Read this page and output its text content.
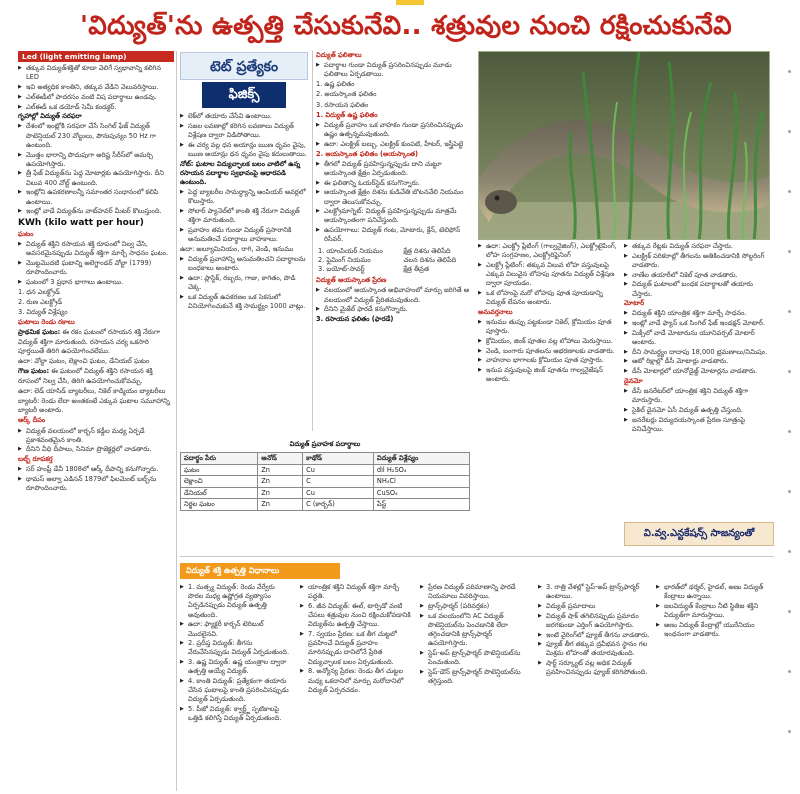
'విద్యుత్'ను ఉత్పత్తి చేసుకునేవి.. శత్రువుల నుంచి రక్షించుకునేవి
Led (light emitting lamp)
▶ తక్కువ విద్యుత్‌శక్తితో కూడా వెలిగే స్వభావాన్ని కలిగిన LED
▶ ఇవి అత్యధిక కాంతిని, తక్కువ వేడిని వెలువరిస్తాయి.
▶ ఎల్‌ఈడీలో పాదరసం వంటి విష పదార్థాలు ఉండవు.
▶ ఎల్‌ఈడీ ఒక డయోడ్ సెమీ కండక్టర్.

గృహాల్లో విద్యుత్ సరఫరా

▶ దేశంలో ఇంట్లోకి సరఫరా చేసే సింగిల్ ఫేజ్ విద్యుత్ పొటెన్షియల్ 230 వోల్టులు, పౌనఃపున్యం 50 Hz గా ఉంటుంది.
▶ మొత్తం భారాన్ని పొదుపుగా అరిష్ట సీరీస్‌లో అమర్చి ఉపయోగిస్తారు.
▶ త్రీ ఫేజ్ విద్యుత్‌ను పెద్ద మోటార్లకు ఉపయోగిస్తారు. దీని విలువ 400 వోల్ట్ ఉంటుంది.
▶ ఇంట్లోని ఉపకరణాలన్నీ సమాంతర సంధానంలో కలిపి ఉంటాయి.
▶ ఇంట్లో వాడే విద్యుత్‌ను వాట్‌హవర్ మీటర్ కొలుస్తుంది.

KWh (kilo watt per hour)

ఘటం

▶ విద్యుత్ శక్తిని రసాయన శక్తి రూపంలో నిల్వ చేసి, అవసరమైనప్పుడు విద్యుత్ శక్తిగా మార్చే సాధనం ఘటం.
▶ మొట్టమొదటి ఘటాన్ని అలెగ్జాండర్ వోల్టా (1799) రూపొందించారు.
▶ ఘటంలో 3 ప్రధాన భాగాలు ఉంటాయి.

1. ధన ఎలక్ట్రోడ్

2. రుణ ఎలక్ట్రోడ్

3. విద్యుత్ విశ్లేష్యం

ఘటాలు రెండు రకాలు

ప్రాథమిక ఘటం: ఈ రకం ఘటంలో రసాయన శక్తి నేరుగా విద్యుత్ శక్తిగా మారుతుంది. రసాయన చర్య ఒకసారి పూర్తయితే తిరిగి ఉపయోగించలేము.

ఉదా: వోల్టా ఘటం, లెక్లాంచి ఘటం, డేనియల్ ఘటం

గౌణ ఘటం: ఈ ఘటంలో విద్యుత్ శక్తిని రసాయన శక్తి రూపంలో నిల్వ చేసి, తిరిగి ఉపయోగించుకోవచ్చు.

ఉదా: లెడ్ యాసిడ్ బ్యాటరీలు, నికెల్ కాడ్మియం బ్యాటరీలు

బ్యాటరీ: రెండు లేదా అంతకంటే ఎక్కువ ఘటాల సమూహాన్ని బ్యాటరీ అంటారు.

ఆర్క్ దీపం

▶ విద్యుత్ వలయంలో కార్బన్ కడ్డీల మధ్య ఏర్పడే ప్రకాశవంతమైన కాంతి.
▶ దీనిని వీధి దీపాలు, సినిమా ప్రొజెక్టర్లలో వాడతారు.

బల్బ్ రూపకర్త

▶ సర్ హంఫ్రీ డేవీ 1808లో ఆర్క్ దీపాన్ని కనుగొన్నారు.
▶ థామస్ ఆల్వా ఎడిసన్ 1879లో ఫిలమెంట్ బల్బ్‌ను రూపొందించారు.
టెట్ ప్రత్యేకం
ఫిజిక్స్
▶ లెక్‌లో తయారు చేసేవి ఉంటాయి.
▶ సజల లవణాల్లో కరిగిన లవణాలు విద్యుత్ విశ్లేషణ ద్వారా విడిపోతాయి.
▶ ఈ చర్య వల్ల ధన అయాన్లు ఋణ ధృవం వైపు, ఋణ అయాన్లు ధన ధృవం వైపు కదులుతాయి.

నోట్: ఘటాల విద్యుచ్ఛాలక బలం వాటిలో ఉన్న రసాయన పదార్థాల స్వభావంపై ఆధారపడి ఉంటుంది.

▶ పెద్ద బ్యాటరీల సామర్థ్యాన్ని ఆంపియర్ అవర్లలో కొలుస్తారు.
▶ సోలార్ ప్యానెల్‌లో కాంతి శక్తి నేరుగా విద్యుత్ శక్తిగా మారుతుంది.
▶ ప్రవాహం తమ గుండా విద్యుత్ ప్రసారానికి అనుమతించే పదార్థాలు వాహకాలు.

ఉదా: అల్యూమినియం, రాగి, వెండి, ఇనుము

▶ విద్యుత్ ప్రవాహాన్ని అనుమతించని పదార్థాలను బంధకాలు అంటారు.
▶ ఉదా: ప్లాస్టిక్, రబ్బరు, గాజు, కాగితం, పొడి చెక్క.
▶ ఒక విద్యుత్ ఉపకరణం ఒక సెకనులో వినియోగించుకునే శక్తి సామర్థ్యం 1000 వాట్లు.

విద్యుత్ ఫలితాలు

▶ పదార్థాల గుండా విద్యుత్ ప్రసరించినప్పుడు మూడు ఫలితాలు ఏర్పడతాయి.

1. ఉష్ణ ఫలితం

2. అయస్కాంత ఫలితం

3. రసాయన ఫలితం

1. విద్యుత్ ఉష్ణ ఫలితం

▶ విద్యుత్ ప్రవాహం ఒక వాహకం గుండా ప్రసరించినప్పుడు ఉష్ణం ఉత్పన్నమవుతుంది.
▶ ఉదా: ఎలక్ట్రిక్ బల్బు, ఎలక్ట్రిక్ కుంపటి, హీటర్, ఇస్త్రీపెట్టె

2. అయస్కాంత ఫలితం (అయస్కాంత)

▶ తీగలో విద్యుత్ ప్రవహిస్తున్నప్పుడు దాని చుట్టూ అయస్కాంత క్షేత్రం ఏర్పడుతుంది.
▶ ఈ ఫలితాన్ని ఓయర్‌స్టెడ్ కనుగొన్నారు.
▶ అయస్కాంత క్షేత్రం దిశను కుడిచేతి బొటనవేలి నియమం ద్వారా తెలుసుకోవచ్చు.
▶ ఎలక్ట్రోమాగ్నెట్: విద్యుత్ ప్రవహిస్తున్నప్పుడు మాత్రమే అయస్కాంతంగా పనిచేస్తుంది.
▶ ఉపయోగాలు: విద్యుత్ గంట, మోటారు, క్రేన్, టెలిఫోన్ రిసీవర్.
1. యాంపియర్ నియమం	క్షేత్ర దిశను తెలిపేది
2. ఫ్లెమింగ్ నియమం	చలన దిశను తెలిపేది
3. బయోట్-సావర్ట్	క్షేత్ర తీవ్రత

విద్యుత్ అయస్కాంత ప్రేరణ

▶ వలయంలో అయస్కాంత అభివాహంలో మార్పు జరిగితే ఆ వలయంలో విద్యుత్ ప్రేరితమవుతుంది.
▶ దీనిని మైకేల్ ఫారడే కనుగొన్నారు.

3. రసాయన ఫలితం (ఫారడే)

▶ ఉదా: ఎలక్ట్రో ప్లేటింగ్ (గాల్వనైజింగ్), ఎలక్ట్రోటైపింగ్, లోహ సంగ్రహణం, ఎలక్ట్రోరిఫైనింగ్
▶ ఎలక్ట్రో ప్లేటింగ్: తక్కువ విలువ లోహ వస్తువులపై ఎక్కువ విలువైన లోహపు పూతను విద్యుత్ విశ్లేషణ ద్వారా పూయడం.
▶ ఒక లోహంపై మరో లోహపు పూత పూయడాన్ని విద్యుత్ లేపనం అంటారు.

అనువర్తనాలు

▶ ఇనుము తుప్పు పట్టకుండా నికెల్, క్రోమియం పూత పూస్తారు.
▶ క్రోమియం, జింక్ పూతల వల్ల లోహాలు మెరుస్తాయి.
▶ వెండి, బంగారు పూతలను ఆభరణాలకు వాడతారు.
▶ వాహనాల భాగాలకు క్రోమియం పూత పూస్తారు.
▶ ఇనుప వస్తువులపై జింక్ పూతను గాల్వనైజేషన్ అంటారు.
▶ తక్కువ రేట్లకు విద్యుత్ సరఫరా చేస్తారు.
▶ ఎలక్ట్రిక్ పరికరాల్లో తీగలను అతికించడానికి సోల్డరింగ్ వాడతారు.
▶ నాణేల తయారీలో నికెల్ పూత వాడతారు.
▶ విద్యుత్ ఘటాలలో బంధక పదార్థాలతో తయారు చేస్తారు.

మోటార్

▶ విద్యుత్ శక్తిని యాంత్రిక శక్తిగా మార్చే సాధనం.
▶ ఇంట్లో వాడే ఫ్యాన్ ఒక సింగిల్ ఫేజ్ ఇండక్షన్ మోటార్.
▶ మిక్సీలో వాడే మోటారును యూనివర్సల్ మోటార్ అంటారు.
▶ దీని సామర్థ్యం దాదాపు 18,000 భ్రమణాలు/నిమిషం.
▶ ఆటో రిక్షాల్లో డీసీ మోటార్లు వాడతారు.
▶ డీసీ మోటార్లలో యానోడైజ్డ్ మోటార్లను వాడతారు.

డైనమో

▶ డీసీ జనరేటర్‌లో యాంత్రిక శక్తిని విద్యుత్ శక్తిగా మారుస్తారు.
▶ సైకిల్ డైనమో ఏసీ విద్యుత్ ఉత్పత్తి చేస్తుంది.
▶ జనరేటర్లు విద్యుదయస్కాంత ప్రేరణ సూత్రంపై పనిచేస్తాయి.
వి.వ్వ.ఎన్ట‌కేష‌న్స్ సాజ‌న్యంతో
విద్యుత్ ప్రవాహక పదార్థాలు
పదార్థం పేరు	ఆనోడ్	కాథోడ్	విద్యుత్ విశ్లేష్యం
ఘటం	Zn	Cu	dil H₂SO₄
లెక్లాంచి	Zn	C	NH₄Cl
డేనియల్	Zn	Cu	CuSO₄
నిర్జల ఘటం	Zn	C (కార్బన్)	పేస్ట్
విద్యుత్ శక్తి ఉత్పత్తి విధానాలు
▶ 1. మత్స్య విద్యుత్: రెండు వేర్వేరు పొరల మధ్య ఉష్ణోగ్రత వ్యత్యాసం ఏర్పడినప్పుడు విద్యుత్ ఉత్పత్తి అవుతుంది.
▶ ఉదా: ఫ్యాక్టరీ కార్బన్ టెరిబుల్ మొదలైనవి.
▶ 2. ప్రదీప్త విద్యుత్: తీగను వేరుచేసినప్పుడు విద్యుత్ ఏర్పడుతుంది.
▶ 3. ఉష్ణ విద్యుత్: ఉష్ణ యంత్రాల ద్వారా ఉత్పత్తి అయ్యే విద్యుత్.
▶ 4. కాంతి విద్యుత్: ప్రత్యేకంగా తయారు చేసిన ఘటాలపై కాంతి ప్రసరించినప్పుడు విద్యుత్ ఏర్పడుతుంది.
▶ 5. పీజో విద్యుత్: క్వార్ట్జ్ స్ఫటికాలపై ఒత్తిడి కలిగిస్తే విద్యుత్ ఏర్పడుతుంది.
▶ యాంత్రిక శక్తిని విద్యుత్ శక్తిగా మార్చే పద్ధతి.
▶ 6. జీవ విద్యుత్: ఈల్, టార్పిడో వంటి చేపలు శత్రువుల నుంచి రక్షించుకోవడానికి విద్యుత్‌ను ఉత్పత్తి చేస్తాయి.
▶ 7. స్వయం ప్రేరణ: ఒక తీగ చుట్టలో ప్రవహించే విద్యుత్ ప్రవాహం మారినప్పుడు దానిలోనే ప్రేరిత విద్యుచ్ఛాలక బలం ఏర్పడుతుంది.
▶ 8. అన్యోన్య ప్రేరణ: రెండు తీగ చుట్టల మధ్య ఒకదానిలో మార్పు మరోదానిలో విద్యుత్ ఏర్పరచడం.
▶ ప్రేరణ విద్యుత్ పరిమాణాన్ని ఫారడే నియమాలు వివరిస్తాయి.
▶ ట్రాన్స్‌ఫార్మర్ (పరివర్తకం)
▶ ఒక వలయంలోని AC విద్యుత్ పొటెన్షియల్‌ను పెంచడానికి లేదా తగ్గించడానికి ట్రాన్స్‌ఫార్మర్ ఉపయోగిస్తారు.
▶ స్టెప్-అప్ ట్రాన్స్‌ఫార్మర్ పొటెన్షియల్‌ను పెంచుతుంది.
▶ స్టెప్-డౌన్ ట్రాన్స్‌ఫార్మర్ పొటెన్షియల్‌ను తగ్గిస్తుంది.
▶ 3. రాత్రి వేళల్లో స్టెప్-అప్ ట్రాన్స్‌ఫార్మర్ ఉంటాయి.
▶ విద్యుత్ ప్రమాదాలు
▶ విద్యుత్ షాక్ తగిలినప్పుడు ప్రమాదం జరగకుండా ఎర్తింగ్ ఉపయోగిస్తారు.
▶ ఇంటి వైరింగ్‌లో ఫ్యూజ్ తీగను వాడతారు.
▶ ఫ్యూజ్ తీగ తక్కువ ద్రవీభవన స్థానం గల మిశ్రమ లోహంతో తయారవుతుంది.
▶ షార్ట్ సర్క్యూట్ వల్ల అధిక విద్యుత్ ప్రవహించినప్పుడు ఫ్యూజ్ కరిగిపోతుంది.
▶ భారత్‌లో థర్మల్, హైడల్, అణు విద్యుత్ కేంద్రాలు ఉన్నాయి.
▶ జలవిద్యుత్ కేంద్రాలు నీటి స్థితిజ శక్తిని విద్యుత్‌గా మారుస్తాయి.
▶ అణు విద్యుత్ కేంద్రాల్లో యురేనియం ఇంధనంగా వాడతారు.
